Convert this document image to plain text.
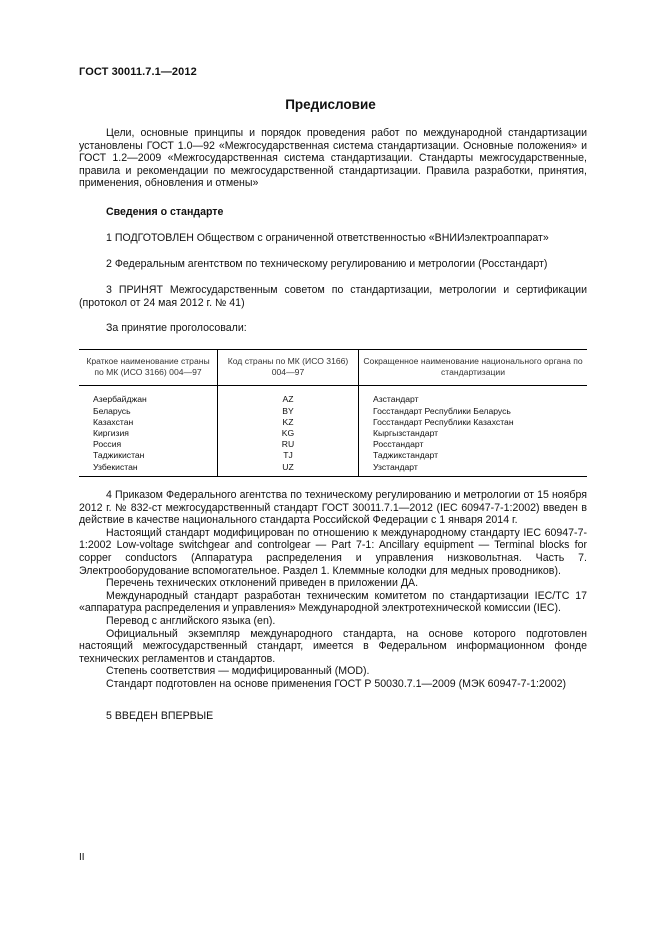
ГОСТ 30011.7.1—2012
Предисловие
Цели, основные принципы и порядок проведения работ по международной стандартизации установлены ГОСТ 1.0—92 «Межгосударственная система стандартизации. Основные положения» и ГОСТ 1.2—2009 «Межгосударственная система стандартизации. Стандарты межгосударственные, правила и рекомендации по межгосударственной стандартизации. Правила разработки, принятия, применения, обновления и отмены»
Сведения о стандарте
1 ПОДГОТОВЛЕН Обществом с ограниченной ответственностью «ВНИИэлектроаппарат»
2 Федеральным агентством по техническому регулированию и метрологии (Росстандарт)
3 ПРИНЯТ Межгосударственным советом по стандартизации, метрологии и сертификации (протокол от 24 мая 2012 г. № 41)
За принятие проголосовали:
Краткое наименование страны по МК (ИСО 3166) 004—97	Код страны по МК (ИСО 3166) 004—97	Сокращенное наименование национального органа по стандартизации
Азербайджан	AZ	Азстандарт
Беларусь	BY	Госстандарт Республики Беларусь
Казахстан	KZ	Госстандарт Республики Казахстан
Киргизия	KG	Кыргызстандарт
Россия	RU	Росстандарт
Таджикистан	TJ	Таджикстандарт
Узбекистан	UZ	Узстандарт
4 Приказом Федерального агентства по техническому регулированию и метрологии от 15 ноября 2012 г. № 832-ст межгосударственный стандарт ГОСТ 30011.7.1—2012 (IEC 60947-7-1:2002) введен в действие в качестве национального стандарта Российской Федерации с 1 января 2014 г.
Настоящий стандарт модифицирован по отношению к международному стандарту IEC 60947-7-1:2002 Low-voltage switchgear and controlgear — Part 7-1: Ancillary equipment — Terminal blocks for copper conductors (Аппаратура распределения и управления низковольтная. Часть 7. Электрооборудование вспомогательное. Раздел 1. Клеммные колодки для медных проводников).
Перечень технических отклонений приведен в приложении ДА.
Международный стандарт разработан техническим комитетом по стандартизации IEC/TC 17 «аппаратура распределения и управления» Международной электротехнической комиссии (IEC).
Перевод с английского языка (en).
Официальный экземпляр международного стандарта, на основе которого подготовлен настоящий межгосударственный стандарт, имеется в Федеральном информационном фонде технических регламентов и стандартов.
Степень соответствия — модифицированный (MOD).
Стандарт подготовлен на основе применения ГОСТ Р 50030.7.1—2009 (МЭК 60947-7-1:2002)
5 ВВЕДЕН ВПЕРВЫЕ
II
